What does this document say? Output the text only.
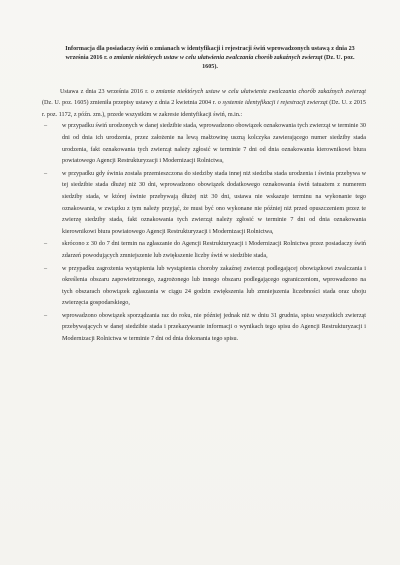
Informacja dla posiadaczy świń o zmianach w identyfikacji i rejestracji świń wprowadzonych ustawą z dnia 23 września 2016 r. o zmianie niektórych ustaw w celu ułatwienia zwalczania chorób zakaźnych zwierząt (Dz. U. poz. 1605).

Ustawa z dnia 23 września 2016 r. o zmianie niektórych ustaw w celu ułatwienia zwalczania chorób zakaźnych zwierząt (Dz. U. poz. 1605) zmieniła przepisy ustawy z dnia 2 kwietnia 2004 r. o systemie identyfikacji i rejestracji zwierząt (Dz. U. z 2015 r. poz. 1172, z późn. zm.), przede wszystkim w zakresie identyfikacji świń, m.in.:

– w przypadku świń urodzonych w danej siedzibie stada, wprowadzono obowiązek oznakowania tych zwierząt w terminie 30 dni od dnia ich urodzenia, przez założenie na lewą małżowinę uszną kolczyka zawierającego numer siedziby stada urodzenia, fakt oznakowania tych zwierząt należy zgłosić w terminie 7 dni od dnia oznakowania kierownikowi biura powiatowego Agencji Restrukturyzacji i Modernizacji Rolnictwa,
– w przypadku gdy świnia została przemieszczona do siedziby stada innej niż siedziba stada urodzenia i świnia przebywa w tej siedzibie stada dłużej niż 30 dni, wprowadzono obowiązek dodatkowego oznakowania świń tatuażem z numerem siedziby stada, w której świnie przebywają dłużej niż 30 dni, ustawa nie wskazuje terminu na wykonanie tego oznakowania, w związku z tym należy przyjąć, że musi być ono wykonane nie później niż przed opuszczeniem przez te zwierzę siedziby stada, fakt oznakowania tych zwierząt należy zgłosić w terminie 7 dni od dnia oznakowania kierownikowi biura powiatowego Agencji Restrukturyzacji i Modernizacji Rolnictwa,
– skrócono z 30 do 7 dni termin na zgłaszanie do Agencji Restrukturyzacji i Modernizacji Rolnictwa przez posiadaczy świń zdarzeń powodujących zmniejszenie lub zwiększenie liczby świń w siedzibie stada,
– w przypadku zagrożenia wystąpienia lub wystąpienia choroby zakaźnej zwierząt podlegającej obowiązkowi zwalczania i określenia obszaru zapowietrzonego, zagrożonego lub innego obszaru podlegającego ograniczeniom, wprowadzono na tych obszarach obowiązek zgłaszania w ciągu 24 godzin zwiększenia lub zmniejszenia liczebności stada oraz uboju zwierzęcia gospodarskiego,
– wprowadzono obowiązek sporządzania raz do roku, nie później jednak niż w dniu 31 grudnia, spisu wszystkich zwierząt przebywających w danej siedzibie stada i przekazywanie informacji o wynikach tego spisu do Agencji Restrukturyzacji i Modernizacji Rolnictwa w terminie 7 dni od dnia dokonania tego spisu.
